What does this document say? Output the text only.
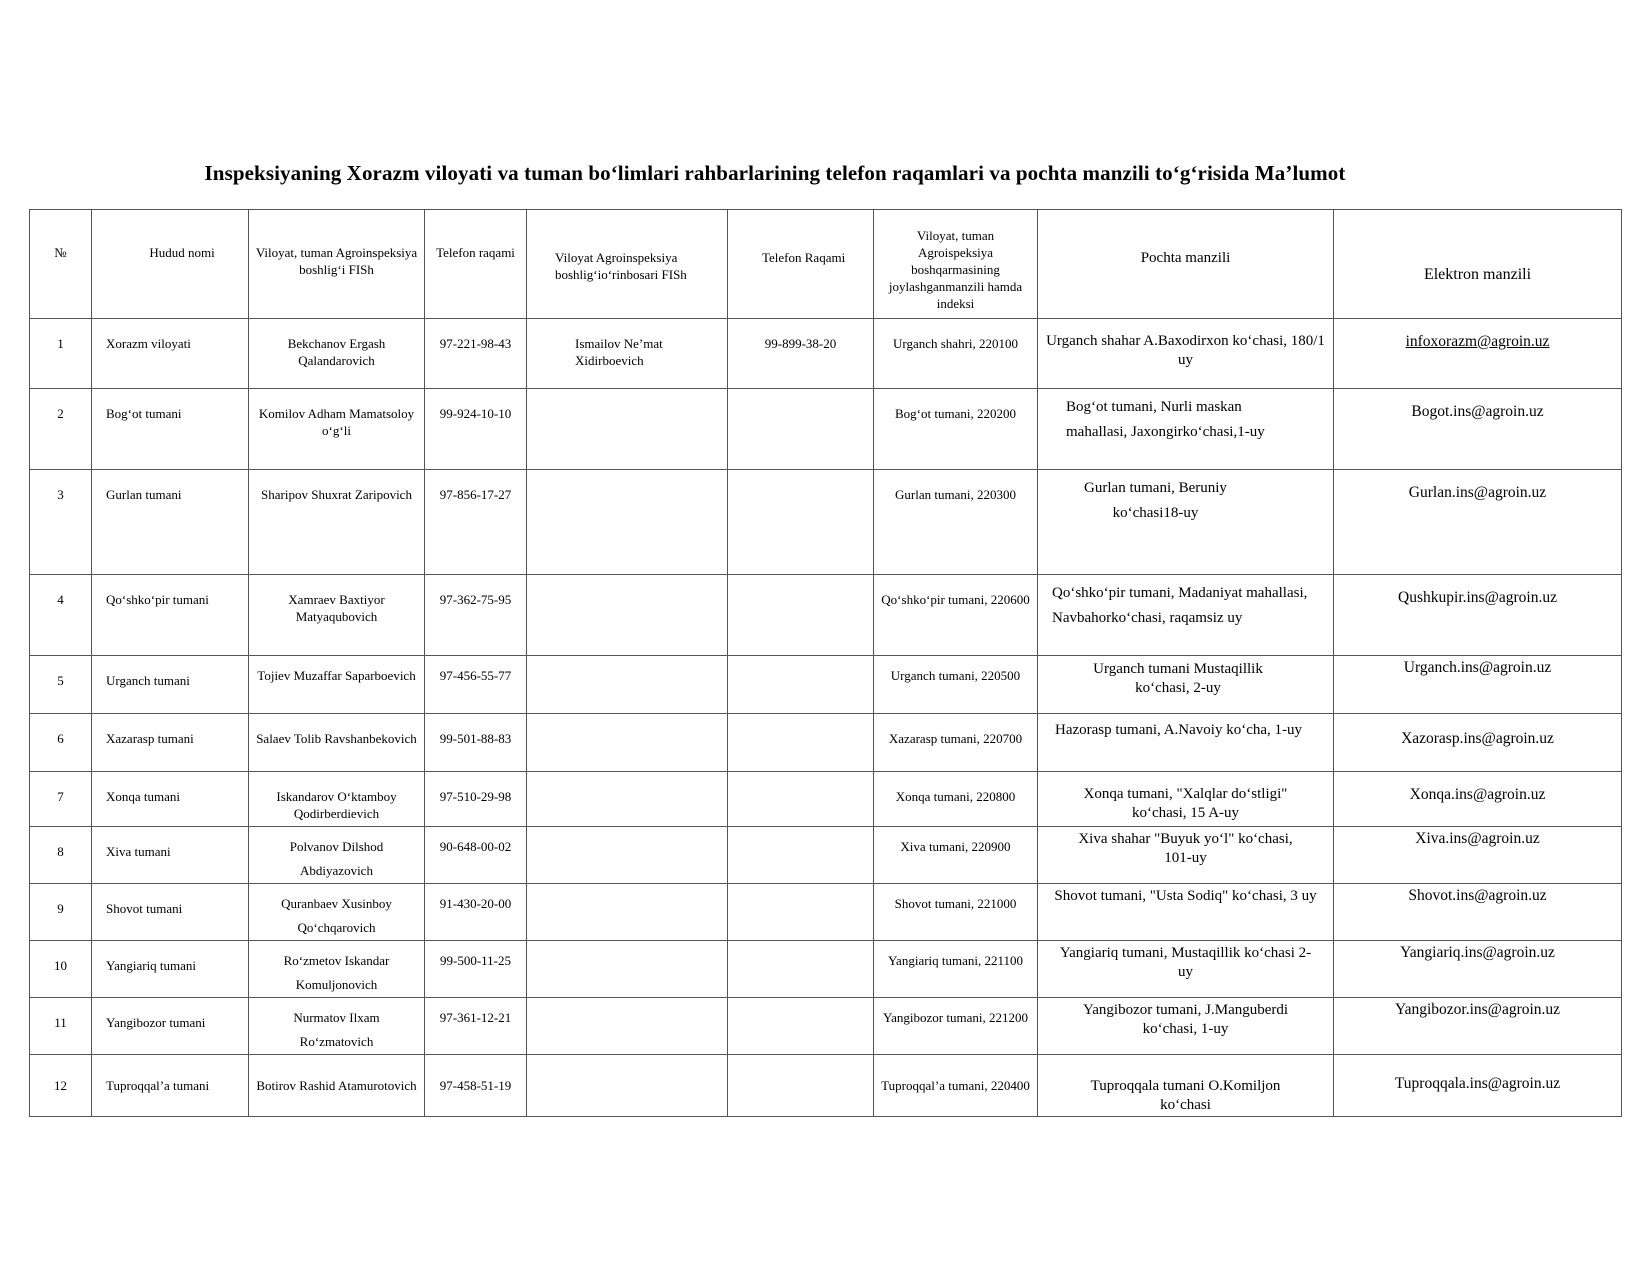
Inspeksiyaning Xorazm viloyati va tuman bo‘limlari rahbarlarining telefon raqamlari va pochta manzili to‘g‘risida Ma’lumot
№	Hudud nomi	Viloyat, tuman Agroinspeksiya boshlig‘i FISh	Telefon raqami	Viloyat Agroinspeksiya boshlig‘io‘rinbosari FISh	Telefon Raqami	Viloyat, tuman Agroispeksiya boshqarmasining joylashganmanzili hamda indeksi	Pochta manzili	Elektron manzili
1	Xorazm viloyati	Bekchanov Ergash Qalandarovich	97-221-98-43	Ismailov Ne’mat Xidirboevich	99-899-38-20	Urganch shahri, 220100	Urganch shahar A.Baxodirxon ko‘chasi, 180/1 uy	infoxorazm@agroin.uz
2	Bog‘ot tumani	Komilov Adham Mamatsoloy o‘g‘li	99-924-10-10			Bog‘ot tumani, 220200	Bog‘ot tumani, Nurli maskan mahallasi, Jaxongirko‘chasi,1-uy	Bogot.ins@agroin.uz
3	Gurlan tumani	Sharipov Shuxrat Zaripovich	97-856-17-27			Gurlan tumani, 220300	Gurlan tumani, Beruniy ko‘chasi18-uy	Gurlan.ins@agroin.uz
4	Qo‘shko‘pir tumani	Xamraev Baxtiyor Matyaqubovich	97-362-75-95			Qo‘shko‘pir tumani, 220600	Qo‘shko‘pir tumani, Madaniyat mahallasi, Navbahorko‘chasi, raqamsiz uy	Qushkupir.ins@agroin.uz
5	Urganch tumani	Tojiev Muzaffar Saparboevich	97-456-55-77			Urganch tumani, 220500	Urganch tumani Mustaqillik ko‘chasi, 2-uy	Urganch.ins@agroin.uz
6	Xazarasp tumani	Salaev Tolib Ravshanbekovich	99-501-88-83			Xazarasp tumani, 220700	Hazorasp tumani, A.Navoiy ko‘cha, 1-uy	Xazorasp.ins@agroin.uz
7	Xonqa tumani	Iskandarov O‘ktamboy Qodirberdievich	97-510-29-98			Xonqa tumani, 220800	Xonqa tumani, "Xalqlar do‘stligi" ko‘chasi, 15 A-uy	Xonqa.ins@agroin.uz
8	Xiva tumani	Polvanov Dilshod Abdiyazovich	90-648-00-02			Xiva tumani, 220900	Xiva shahar "Buyuk yo‘l" ko‘chasi, 101-uy	Xiva.ins@agroin.uz
9	Shovot tumani	Quranbaev Xusinboy Qo‘chqarovich	91-430-20-00			Shovot tumani, 221000	Shovot tumani, "Usta Sodiq" ko‘chasi, 3 uy	Shovot.ins@agroin.uz
10	Yangiariq tumani	Ro‘zmetov Iskandar Komuljonovich	99-500-11-25			Yangiariq tumani, 221100	Yangiariq tumani, Mustaqillik ko‘chasi 2-uy	Yangiariq.ins@agroin.uz
11	Yangibozor tumani	Nurmatov Ilxam Ro‘zmatovich	97-361-12-21			Yangibozor tumani, 221200	Yangibozor tumani, J.Manguberdi ko‘chasi, 1-uy	Yangibozor.ins@agroin.uz
12	Tuproqqal’a tumani	Botirov Rashid Atamurotovich	97-458-51-19			Tuproqqal’a tumani, 220400	Tuproqqala tumani O.Komiljon ko‘chasi	Tuproqqala.ins@agroin.uz
